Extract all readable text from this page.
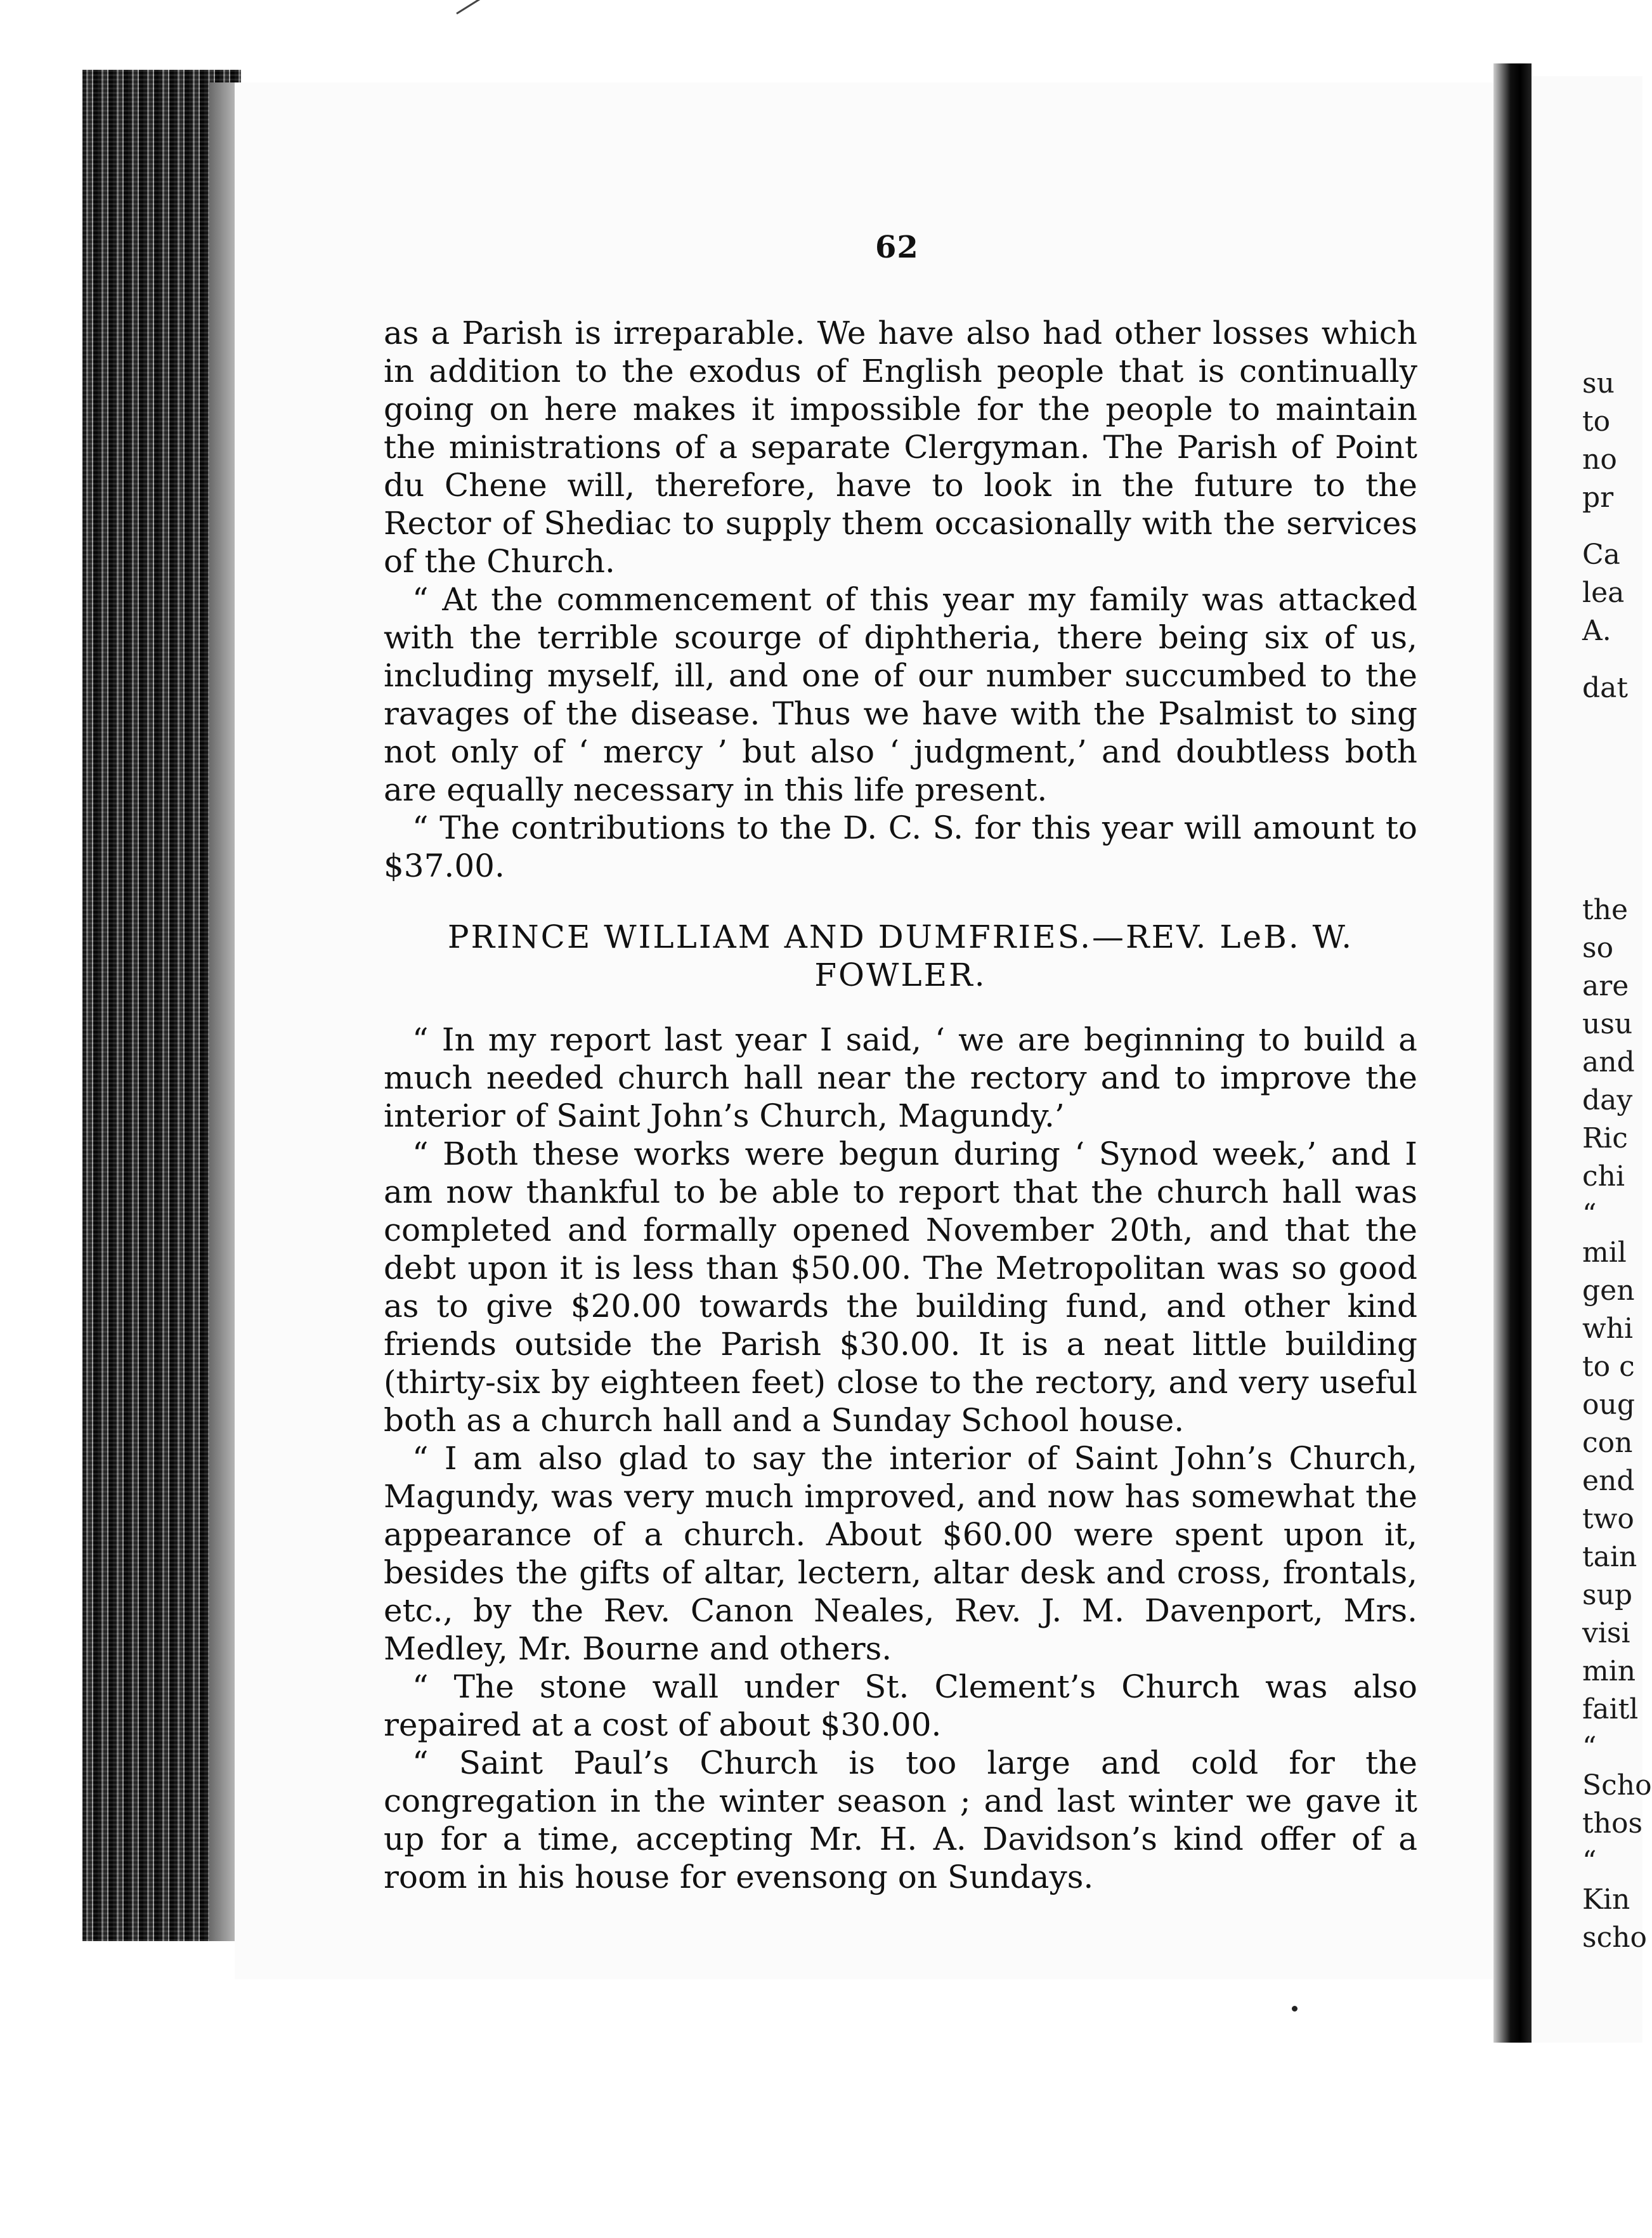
62

as a Parish is irreparable. We have also had other losses which in addition to the exodus of English people that is continually going on here makes it impossible for the people to maintain the ministrations of a separate Clergyman. The Parish of Point du Chene will, therefore, have to look in the future to the Rector of Shediac to supply them occasionally with the services of the Church.

“ At the commencement of this year my family was attacked with the terrible scourge of diphtheria, there being six of us, including myself, ill, and one of our number succumbed to the ravages of the disease. Thus we have with the Psalmist to sing not only of ‘ mercy ’ but also ‘ judgment,’ and doubtless both are equally necessary in this life present.

“ The contributions to the D. C. S. for this year will amount to $37.00.

PRINCE WILLIAM AND DUMFRIES.—REV. LeB. W.
FOWLER.

“ In my report last year I said, ‘ we are beginning to build a much needed church hall near the rectory and to improve the interior of Saint John’s Church, Magundy.’

“ Both these works were begun during ‘ Synod week,’ and I am now thankful to be able to report that the church hall was completed and formally opened November 20th, and that the debt upon it is less than $50.00. The Metropolitan was so good as to give $20.00 towards the building fund, and other kind friends outside the Parish $30.00. It is a neat little building (thirty-six by eighteen feet) close to the rectory, and very useful both as a church hall and a Sunday School house.

“ I am also glad to say the interior of Saint John’s Church, Magundy, was very much improved, and now has somewhat the appearance of a church. About $60.00 were spent upon it, besides the gifts of altar, lectern, altar desk and cross, frontals, etc., by the Rev. Canon Neales, Rev. J. M. Davenport, Mrs. Medley, Mr. Bourne and others.

“ The stone wall under St. Clement’s Church was also repaired at a cost of about $30.00.

“ Saint Paul’s Church is too large and cold for the congregation in the winter season ; and last winter we gave it up for a time, accepting Mr. H. A. Davidson’s kind offer of a room in his house for evensong on Sundays.

su
to
no
pr
Ca
lea
A.
dat
the
so
are
usu
and
day
Ric
chi
“
mil
gen
whi
to c
oug
con
end
two
tain
sup
visi
min
faitl
“
Scho
thos
“
Kin
scho
